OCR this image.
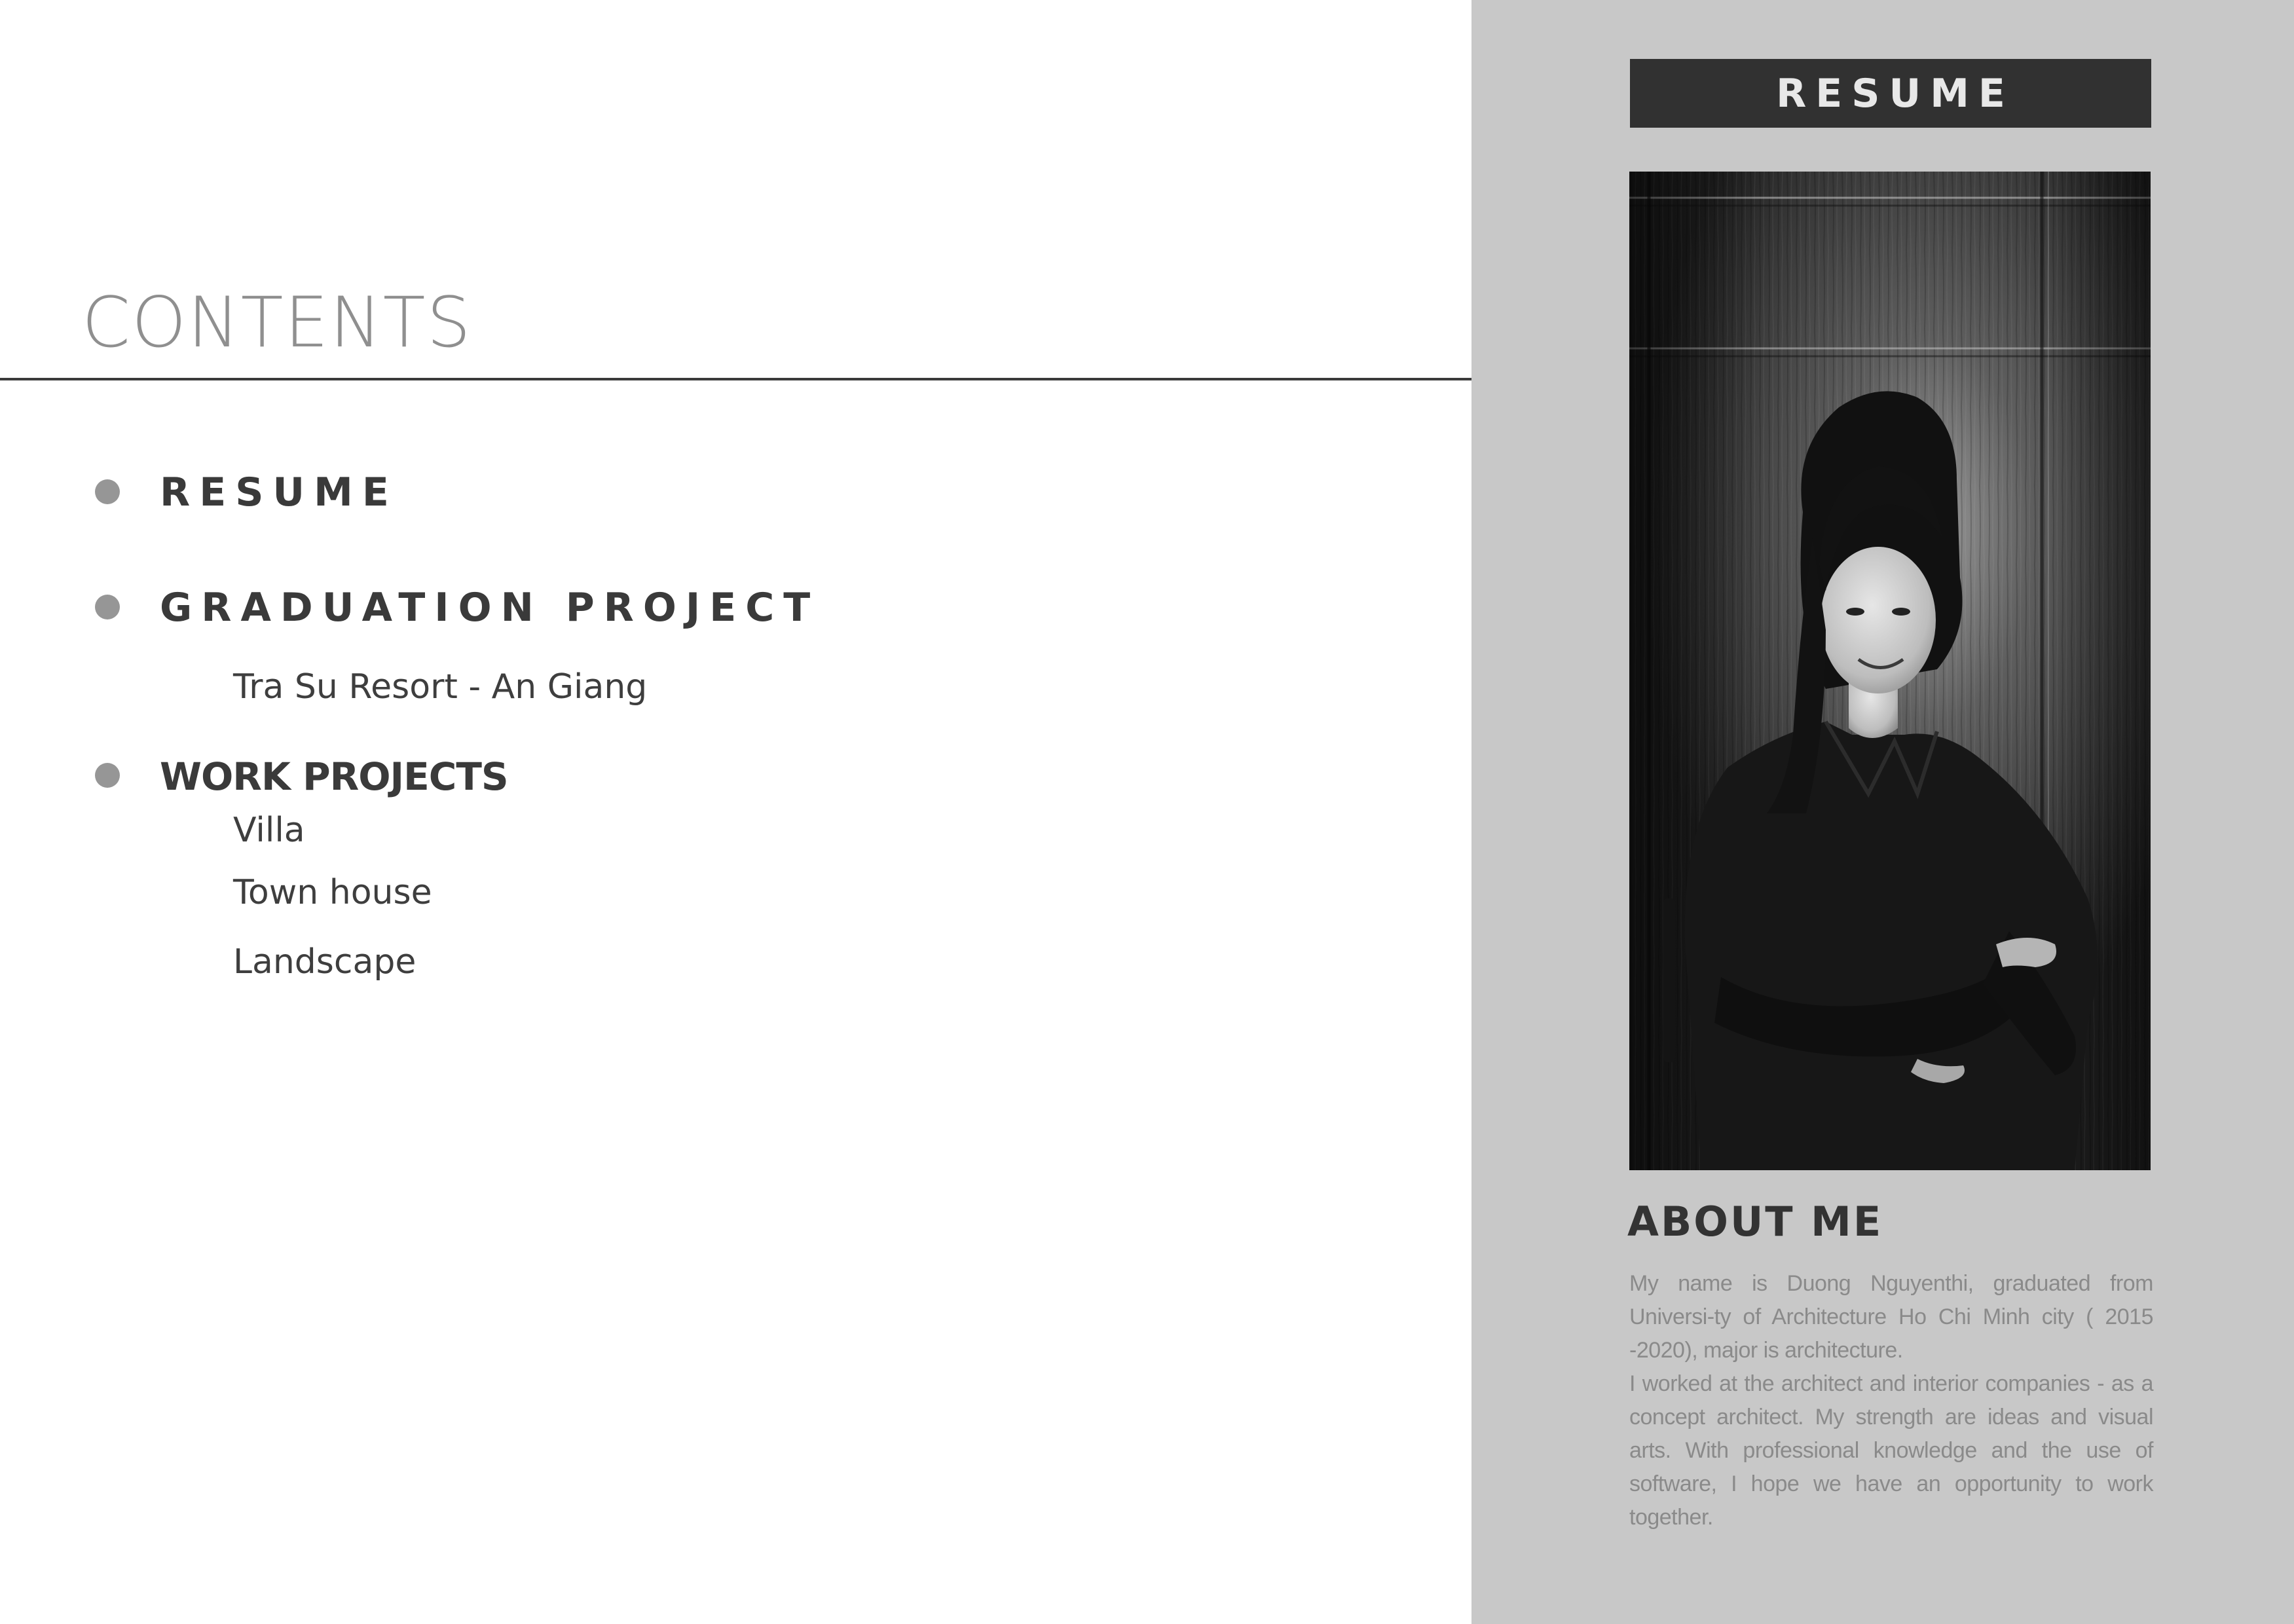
CONTENTS
RESUME
GRADUATION PROJECT
Tra Su Resort - An Giang
WORK PROJECTS
Villa
Town house
Landscape
RESUME
ABOUT ME

My name is Duong Nguyenthi, graduated from Universi-ty of Architecture Ho Chi Minh city ( 2015 -2020), major is architecture.

I worked at the architect and interior companies - as a concept architect. My strength are ideas and visual arts. With professional knowledge and the use of software, I hope we have an opportunity to work together.
